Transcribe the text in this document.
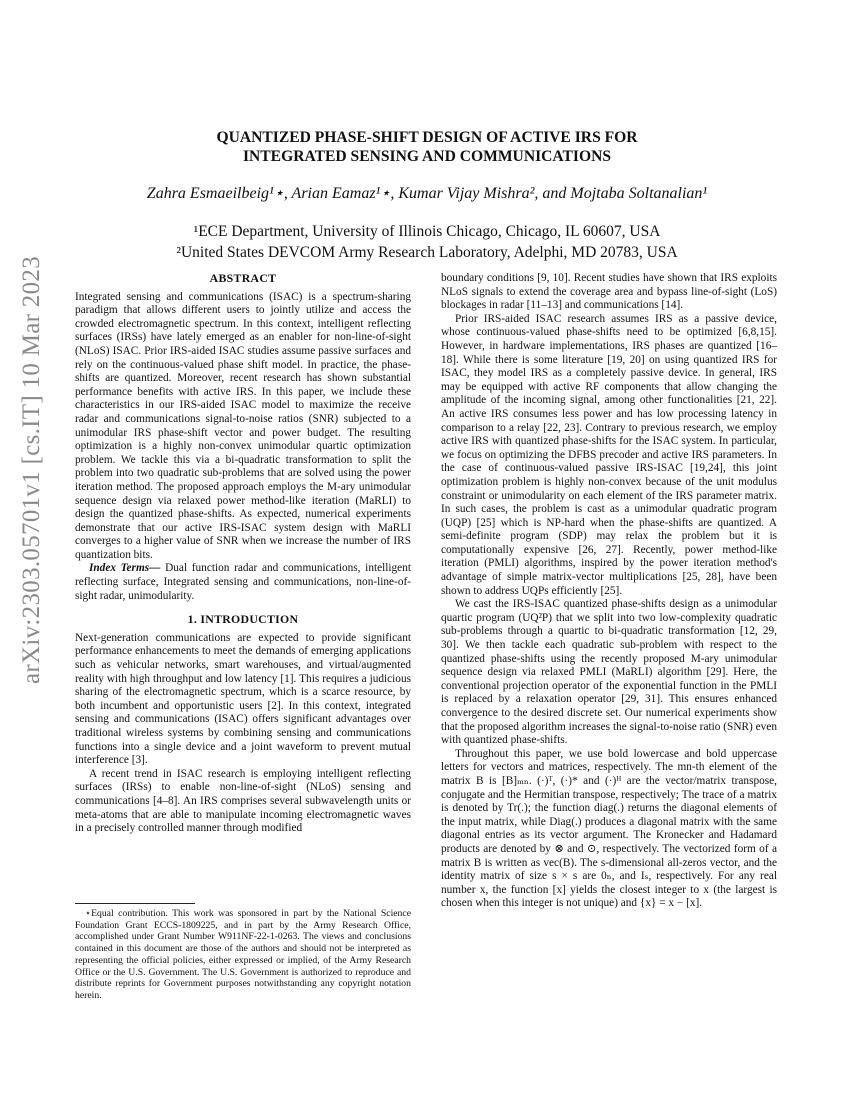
arXiv:2303.05701v1 [cs.IT] 10 Mar 2023
QUANTIZED PHASE-SHIFT DESIGN OF ACTIVE IRS FOR
INTEGRATED SENSING AND COMMUNICATIONS
Zahra Esmaeilbeig¹⋆, Arian Eamaz¹⋆, Kumar Vijay Mishra², and Mojtaba Soltanalian¹
¹ECE Department, University of Illinois Chicago, Chicago, IL 60607, USA
²United States DEVCOM Army Research Laboratory, Adelphi, MD 20783, USA
ABSTRACT

Integrated sensing and communications (ISAC) is a spectrum-sharing paradigm that allows different users to jointly utilize and access the crowded electromagnetic spectrum. In this context, intelligent reflecting surfaces (IRSs) have lately emerged as an enabler for non-line-of-sight (NLoS) ISAC. Prior IRS-aided ISAC studies assume passive surfaces and rely on the continuous-valued phase shift model. In practice, the phase-shifts are quantized. Moreover, recent research has shown substantial performance benefits with active IRS. In this paper, we include these characteristics in our IRS-aided ISAC model to maximize the receive radar and communications signal-to-noise ratios (SNR) subjected to a unimodular IRS phase-shift vector and power budget. The resulting optimization is a highly non-convex unimodular quartic optimization problem. We tackle this via a bi-quadratic transformation to split the problem into two quadratic sub-problems that are solved using the power iteration method. The proposed approach employs the M-ary unimodular sequence design via relaxed power method-like iteration (MaRLI) to design the quantized phase-shifts. As expected, numerical experiments demonstrate that our active IRS-ISAC system design with MaRLI converges to a higher value of SNR when we increase the number of IRS quantization bits.

Index Terms— Dual function radar and communications, intelligent reflecting surface, Integrated sensing and communications, non-line-of-sight radar, unimodularity.

1. INTRODUCTION

Next-generation communications are expected to provide significant performance enhancements to meet the demands of emerging applications such as vehicular networks, smart warehouses, and virtual/augmented reality with high throughput and low latency [1]. This requires a judicious sharing of the electromagnetic spectrum, which is a scarce resource, by both incumbent and opportunistic users [2]. In this context, integrated sensing and communications (ISAC) offers significant advantages over traditional wireless systems by combining sensing and communications functions into a single device and a joint waveform to prevent mutual interference [3].

A recent trend in ISAC research is employing intelligent reflecting surfaces (IRSs) to enable non-line-of-sight (NLoS) sensing and communications [4–8]. An IRS comprises several subwavelength units or meta-atoms that are able to manipulate incoming electromagnetic waves in a precisely controlled manner through modified

⋆Equal contribution. This work was sponsored in part by the National Science Foundation Grant ECCS-1809225, and in part by the Army Research Office, accomplished under Grant Number W911NF-22-1-0263. The views and conclusions contained in this document are those of the authors and should not be interpreted as representing the official policies, either expressed or implied, of the Army Research Office or the U.S. Government. The U.S. Government is authorized to reproduce and distribute reprints for Government purposes notwithstanding any copyright notation herein.

boundary conditions [9, 10]. Recent studies have shown that IRS exploits NLoS signals to extend the coverage area and bypass line-of-sight (LoS) blockages in radar [11–13] and communications [14].

Prior IRS-aided ISAC research assumes IRS as a passive device, whose continuous-valued phase-shifts need to be optimized [6,8,15]. However, in hardware implementations, IRS phases are quantized [16–18]. While there is some literature [19, 20] on using quantized IRS for ISAC, they model IRS as a completely passive device. In general, IRS may be equipped with active RF components that allow changing the amplitude of the incoming signal, among other functionalities [21, 22]. An active IRS consumes less power and has low processing latency in comparison to a relay [22, 23]. Contrary to previous research, we employ active IRS with quantized phase-shifts for the ISAC system. In particular, we focus on optimizing the DFBS precoder and active IRS parameters. In the case of continuous-valued passive IRS-ISAC [19,24], this joint optimization problem is highly non-convex because of the unit modulus constraint or unimodularity on each element of the IRS parameter matrix. In such cases, the problem is cast as a unimodular quadratic program (UQP) [25] which is NP-hard when the phase-shifts are quantized. A semi-definite program (SDP) may relax the problem but it is computationally expensive [26, 27]. Recently, power method-like iteration (PMLI) algorithms, inspired by the power iteration method's advantage of simple matrix-vector multiplications [25, 28], have been shown to address UQPs efficiently [25].

We cast the IRS-ISAC quantized phase-shifts design as a unimodular quartic program (UQ²P) that we split into two low-complexity quadratic sub-problems through a quartic to bi-quadratic transformation [12, 29, 30]. We then tackle each quadratic sub-problem with respect to the quantized phase-shifts using the recently proposed M-ary unimodular sequence design via relaxed PMLI (MaRLI) algorithm [29]. Here, the conventional projection operator of the exponential function in the PMLI is replaced by a relaxation operator [29, 31]. This ensures enhanced convergence to the desired discrete set. Our numerical experiments show that the proposed algorithm increases the signal-to-noise ratio (SNR) even with quantized phase-shifts.

Throughout this paper, we use bold lowercase and bold uppercase letters for vectors and matrices, respectively. The mn-th element of the matrix B is [B]ₘₙ. (·)ᵀ, (·)* and (·)ᴴ are the vector/matrix transpose, conjugate and the Hermitian transpose, respectively; The trace of a matrix is denoted by Tr(.); the function diag(.) returns the diagonal elements of the input matrix, while Diag(.) produces a diagonal matrix with the same diagonal entries as its vector argument. The Kronecker and Hadamard products are denoted by ⊗ and ⊙, respectively. The vectorized form of a matrix B is written as vec(B). The s-dimensional all-zeros vector, and the identity matrix of size s × s are 0ₙ, and Iₛ, respectively. For any real number x, the function [x] yields the closest integer to x (the largest is chosen when this integer is not unique) and {x} = x − [x].
